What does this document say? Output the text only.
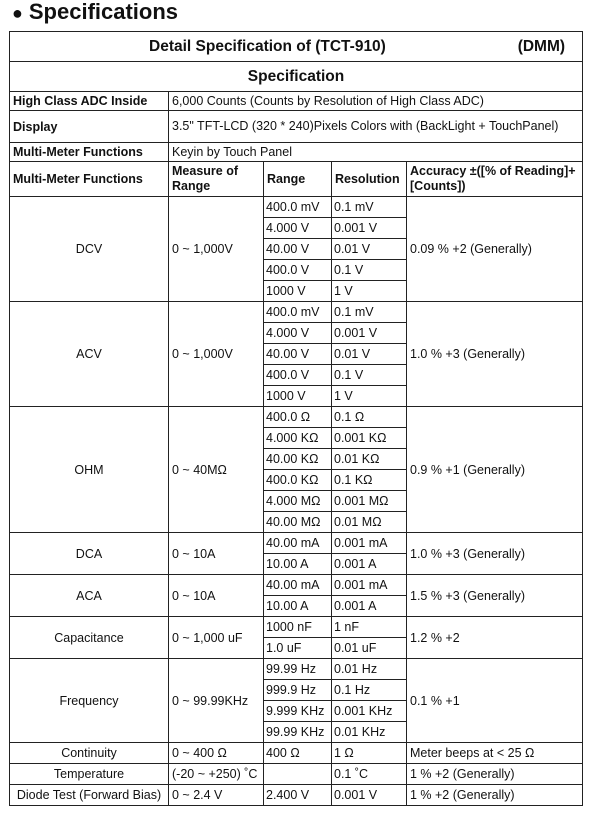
● Specifications
Detail Specification of (TCT-910) (DMM)				

Specification				
High Class ADC Inside	6,000 Counts (Counts by Resolution of High Class ADC)			
Display	3.5" TFT-LCD (320 * 240)Pixels Colors with (BackLight + TouchPanel)			
Multi-Meter Functions	Keyin by Touch Panel			
Multi-Meter Functions	Measure of Range	Range	Resolution	Accuracy ±([% of Reading]+[Counts])
DCV	0 ~ 1,000V	400.0 mV	0.1 mV	0.09 % +2 (Generally)
		4.000 V	0.001 V	
		40.00 V	0.01 V	
		400.0 V	0.1 V	
		1000 V	1 V	
ACV	0 ~ 1,000V	400.0 mV	0.1 mV	1.0 % +3 (Generally)
		4.000 V	0.001 V	
		40.00 V	0.01 V	
		400.0 V	0.1 V	
		1000 V	1 V	
OHM	0 ~ 40MΩ	400.0 Ω	0.1 Ω	0.9 % +1 (Generally)
		4.000 KΩ	0.001 KΩ	
		40.00 KΩ	0.01 KΩ	
		400.0 KΩ	0.1 KΩ	
		4.000 MΩ	0.001 MΩ	
		40.00 MΩ	0.01 MΩ	
DCA	0 ~ 10A	40.00 mA	0.001 mA	1.0 % +3 (Generally)
		10.00 A	0.001 A	
ACA	0 ~ 10A	40.00 mA	0.001 mA	1.5 % +3 (Generally)
		10.00 A	0.001 A	
Capacitance	0 ~ 1,000 uF	1000 nF	1 nF	1.2 % +2
		1.0 uF	0.01 uF	
Frequency	0 ~ 99.99KHz	99.99 Hz	0.01 Hz	0.1 % +1
		999.9 Hz	0.1 Hz	
		9.999 KHz	0.001 KHz	
		99.99 KHz	0.01 KHz	
Continuity	0 ~ 400 Ω	400 Ω	1 Ω	Meter beeps at < 25 Ω
Temperature	(-20 ~ +250) ˚C		0.1 ˚C	1 % +2 (Generally)
Diode Test (Forward Bias)	0 ~ 2.4 V	2.400 V	0.001 V	1 % +2 (Generally)
